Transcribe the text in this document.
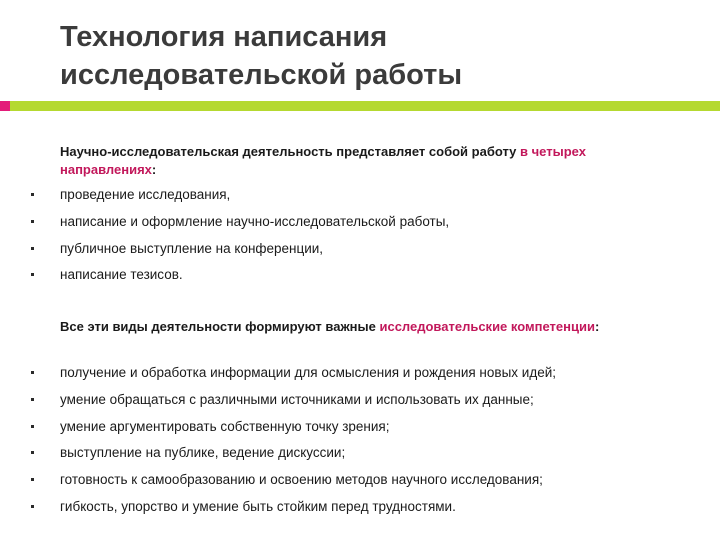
Технология написания
исследовательской работы
Научно-исследовательская деятельность представляет собой работу в четырех направлениях:
проведение исследования,
написание и оформление научно-исследовательской работы,
публичное выступление на конференции,
написание тезисов.
Все эти виды деятельности формируют важные исследовательские компетенции:
получение и обработка информации для осмысления и рождения новых идей;
умение обращаться с различными источниками и использовать их данные;
умение аргументировать собственную точку зрения;
выступление на публике, ведение дискуссии;
готовность к самообразованию и освоению методов научного исследования;
гибкость, упорство и умение быть стойким перед трудностями.
